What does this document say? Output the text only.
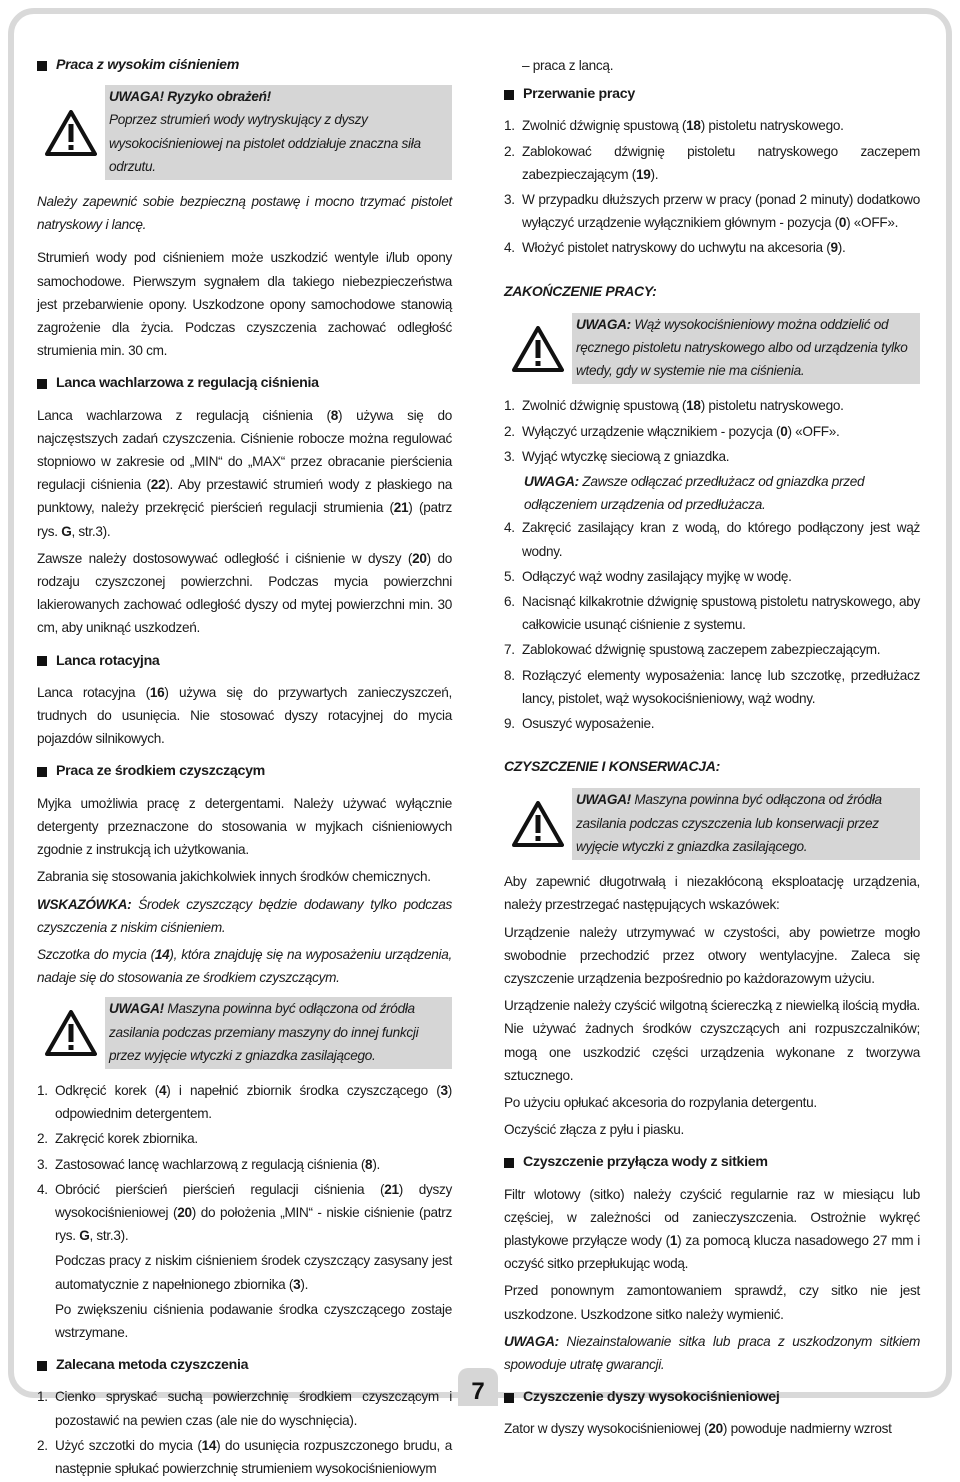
Praca z wysokim ciśnieniem
UWAGA! Ryzyko obrażeń!
Poprzez strumień wody wytryskujący z dyszy wysokociśnieniowej na pistolet oddziałuje znaczna siła odrzutu.

Należy zapewnić sobie bezpieczną postawę i mocno trzymać pistolet natryskowy i lancę.

Strumień wody pod ciśnieniem może uszkodzić wentyle i/lub opony samochodowe. Pierwszym sygnałem dla takiego niebezpieczeństwa jest przebarwienie opony. Uszkodzone opony samochodowe stanowią zagrożenie dla życia. Podczas czyszczenia zachować odległość strumienia min. 30 cm.

Lanca wachlarzowa z regulacją ciśnienia

Lanca wachlarzowa z regulacją ciśnienia (8) używa się do najczęstszych zadań czyszczenia. Ciśnienie robocze można regulować stopniowo w zakresie od „MIN“ do „MAX“ przez obracanie pierścienia regulacji ciśnienia (22). Aby przestawić strumień wody z płaskiego na punktowy, należy przekręcić pierścień regulacji strumienia (21) (patrz rys. G, str.3).

Zawsze należy dostosowywać odległość i ciśnienie w dyszy (20) do rodzaju czyszczonej powierzchni. Podczas mycia powierzchni lakierowanych zachować odległość dyszy od mytej powierzchni min. 30 cm, aby uniknąć uszkodzeń.

Lanca rotacyjna

Lanca rotacyjna (16) używa się do przywartych zanieczyszczeń, trudnych do usunięcia. Nie stosować dyszy rotacyjnej do mycia pojazdów silnikowych.

Praca ze środkiem czyszczącym

Myjka umożliwia pracę z detergentami. Należy używać wyłącznie detergenty przeznaczone do stosowania w myjkach ciśnieniowych zgodnie z instrukcją ich użytkowania.

Zabrania się stosowania jakichkolwiek innych środków chemicznych.

WSKAZÓWKA: Środek czyszczący będzie dodawany tylko podczas czyszczenia z niskim ciśnieniem.

Szczotka do mycia (14), która znajduję się na wyposażeniu urządzenia, nadaje się do stosowania ze środkiem czyszczącym.

UWAGA! Maszyna powinna być odłączona od źródła zasilania podczas przemiany maszyny do innej funkcji przez wyjęcie wtyczki z gniazdka zasilającego.
1. Odkręcić korek (4) i napełnić zbiornik środka czyszczącego (3) odpowiednim detergentem.
2. Zakręcić korek zbiornika.
3. Zastosować lancę wachlarzową z regulacją ciśnienia (8).
4. Obrócić pierścień pierścień regulacji ciśnienia (21) dyszy wysokociśnieniowej (20) do położenia „MIN“ - niskie ciśnienie (patrz rys. G, str.3).
Podczas pracy z niskim ciśnieniem środek czyszczący zasysany jest automatycznie z napełnionego zbiornika (3).
Po zwiększeniu ciśnienia podawanie środka czyszczącego zostaje wstrzymane.
Zalecana metoda czyszczenia
1. Cienko spryskać suchą powierzchnię środkiem czyszczącym i pozostawić na pewien czas (ale nie do wyschnięcia).
2. Użyć szczotki do mycia (14) do usunięcia rozpuszczonego brudu, a następnie spłukać powierzchnię strumieniem wysokociśnieniowym
– praca z lancą.
Przerwanie pracy
1. Zwolnić dźwignię spustową (18) pistoletu natryskowego.
2. Zablokować dźwignię pistoletu natryskowego zaczepem zabezpieczającym (19).
3. W przypadku dłuższych przerw w pracy (ponad 2 minuty) dodatkowo wyłączyć urządzenie wyłącznikiem głównym - pozycja (0) «OFF».
4. Włożyć pistolet natryskowy do uchwytu na akcesoria (9).
ZAKOŃCZENIE PRACY:
UWAGA: Wąż wysokociśnieniowy można oddzielić od ręcznego pistoletu natryskowego albo od urządzenia tylko wtedy, gdy w systemie nie ma ciśnienia.
1. Zwolnić dźwignię spustową (18) pistoletu natryskowego.
2. Wyłączyć urządzenie włącznikiem - pozycja (0) «OFF».
3. Wyjąć wtyczkę sieciową z gniazdka.
UWAGA: Zawsze odłączać przedłużacz od gniazdka przed odłączeniem urządzenia od przedłużacza.
4. Zakręcić zasilający kran z wodą, do którego podłączony jest wąż wodny.
5. Odłączyć wąż wodny zasilający myjkę w wodę.
6. Nacisnąć kilkakrotnie dźwignię spustową pistoletu natryskowego, aby całkowicie usunąć ciśnienie z systemu.
7. Zablokować dźwignię spustową zaczepem zabezpieczającym.
8. Rozłączyć elementy wyposażenia: lancę lub szczotkę, przedłużacz lancy, pistolet, wąż wysokociśnieniowy, wąż wodny.
9. Osuszyć wyposażenie.
CZYSZCZENIE I KONSERWACJA:
UWAGA! Maszyna powinna być odłączona od źródła zasilania podczas czyszczenia lub konserwacji przez wyjęcie wtyczki z gniazdka zasilającego.

Aby zapewnić długotrwałą i niezakłóconą eksploatację urządzenia, należy przestrzegać następujących wskazówek:

Urządzenie należy utrzymywać w czystości, aby powietrze mogło swobodnie przechodzić przez otwory wentylacyjne. Zaleca się czyszczenie urządzenia bezpośrednio po każdorazowym użyciu.

Urządzenie należy czyścić wilgotną ściereczką z niewielką ilością mydła. Nie używać żadnych środków czyszczących ani rozpuszczalników; mogą one uszkodzić części urządzenia wykonane z tworzywa sztucznego.

Po użyciu opłukać akcesoria do rozpylania detergentu.

Oczyścić złącza z pyłu i piasku.

Czyszczenie przyłącza wody z sitkiem

Filtr wlotowy (sitko) należy czyścić regularnie raz w miesiącu lub częściej, w zależności od zanieczyszczenia. Ostrożnie wykręć plastykowe przyłącze wody (1) za pomocą klucza nasadowego 27 mm i oczyść sitko przepłukując wodą.

Przed ponownym zamontowaniem sprawdź, czy sitko nie jest uszkodzone. Uszkodzone sitko należy wymienić.

UWAGA: Niezainstalowanie sitka lub praca z uszkodzonym sitkiem spowoduje utratę gwarancji.

Czyszczenie dyszy wysokociśnieniowej

Zator w dyszy wysokociśnieniowej (20) powoduje nadmierny wzrost

7
